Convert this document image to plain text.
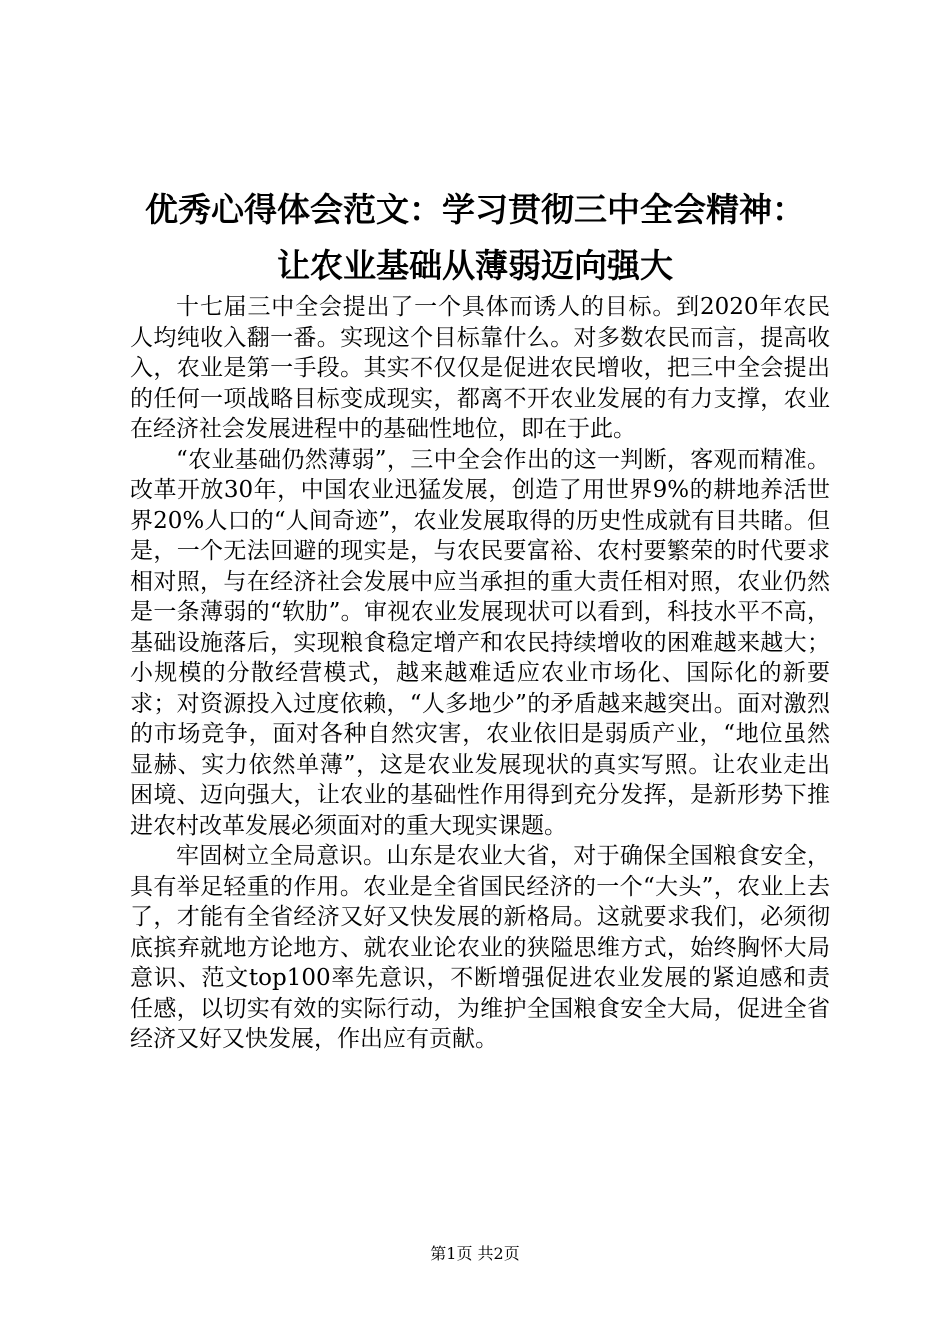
优秀心得体会范文：学习贯彻三中全会精神：
让农业基础从薄弱迈向强大

十七届三中全会提出了一个具体而诱人的目标。到2020年农民人均纯收入翻一番。实现这个目标靠什么。对多数农民而言，提高收入，农业是第一手段。其实不仅仅是促进农民增收，把三中全会提出的任何一项战略目标变成现实，都离不开农业发展的有力支撑，农业在经济社会发展进程中的基础性地位，即在于此。

“农业基础仍然薄弱”，三中全会作出的这一判断，客观而精准。改革开放30年，中国农业迅猛发展，创造了用世界9%的耕地养活世界20%人口的“人间奇迹”，农业发展取得的历史性成就有目共睹。但是，一个无法回避的现实是，与农民要富裕、农村要繁荣的时代要求相对照，与在经济社会发展中应当承担的重大责任相对照，农业仍然是一条薄弱的“软肋”。审视农业发展现状可以看到，科技水平不高，基础设施落后，实现粮食稳定增产和农民持续增收的困难越来越大；小规模的分散经营模式，越来越难适应农业市场化、国际化的新要求；对资源投入过度依赖，“人多地少”的矛盾越来越突出。面对激烈的市场竞争，面对各种自然灾害，农业依旧是弱质产业，“地位虽然显赫、实力依然单薄”，这是农业发展现状的真实写照。让农业走出困境、迈向强大，让农业的基础性作用得到充分发挥，是新形势下推进农村改革发展必须面对的重大现实课题。

牢固树立全局意识。山东是农业大省，对于确保全国粮食安全，具有举足轻重的作用。农业是全省国民经济的一个“大头”，农业上去了，才能有全省经济又好又快发展的新格局。这就要求我们，必须彻底摈弃就地方论地方、就农业论农业的狭隘思维方式，始终胸怀大局意识、范文top100率先意识，不断增强促进农业发展的紧迫感和责任感，以切实有效的实际行动，为维护全国粮食安全大局，促进全省经济又好又快发展，作出应有贡献。

第1页 共2页
